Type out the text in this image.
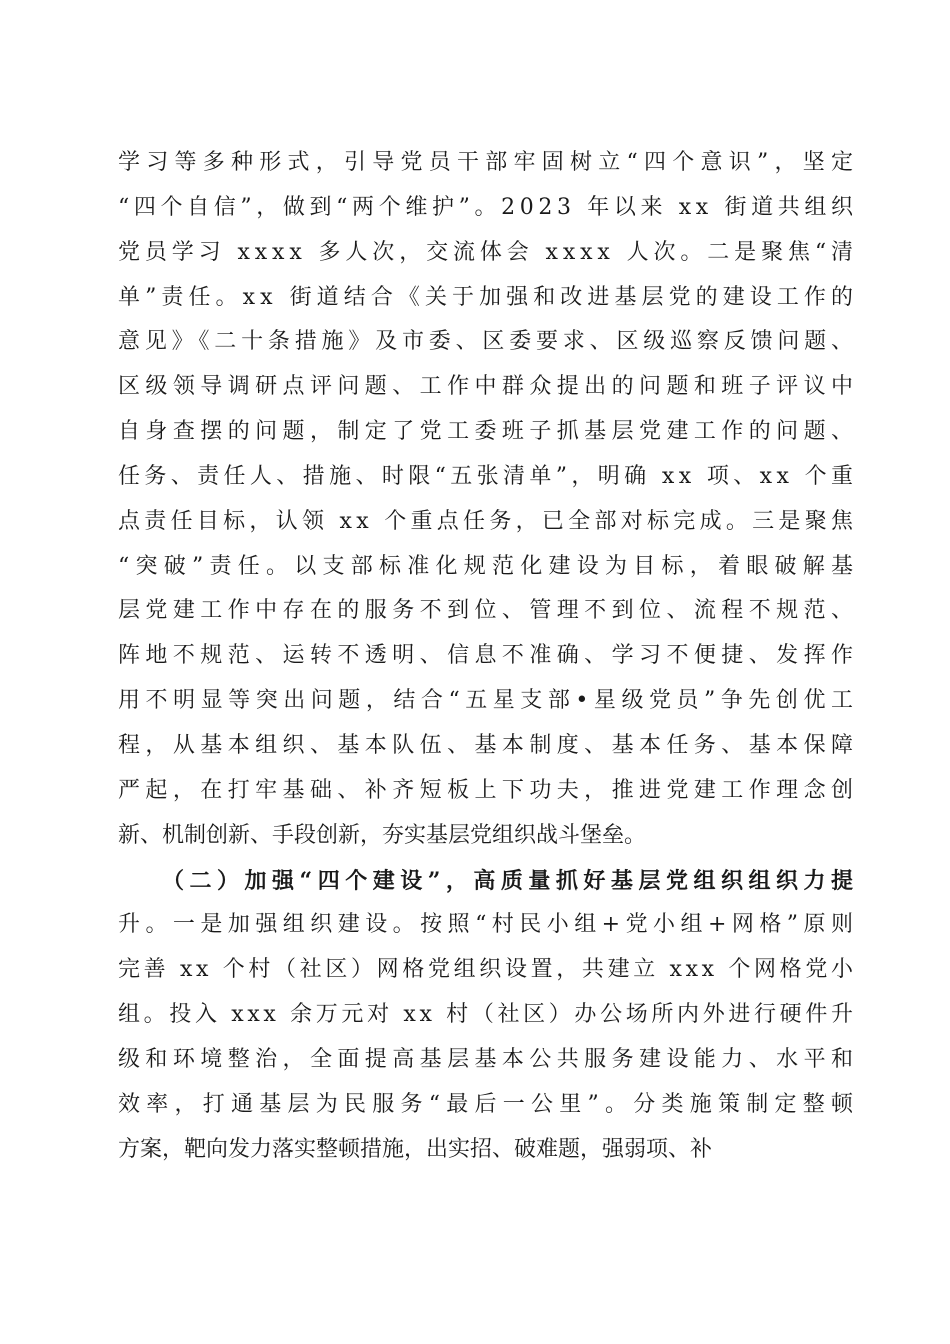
学习等多种形式，引导党员干部牢固树立“四个意识”，坚定
“四个自信”，做到“两个维护”。2023 年以来 xx 街道共组织
党员学习 xxxx 多人次，交流体会 xxxx 人次。二是聚焦“清
单”责任。xx 街道结合《关于加强和改进基层党的建设工作的
意见》《二十条措施》及市委、区委要求、区级巡察反馈问题、
区级领导调研点评问题、工作中群众提出的问题和班子评议中
自身查摆的问题，制定了党工委班子抓基层党建工作的问题、
任务、责任人、措施、时限“五张清单”，明确 xx 项、xx 个重
点责任目标，认领 xx 个重点任务，已全部对标完成。三是聚焦
“突破”责任。以支部标准化规范化建设为目标，着眼破解基
层党建工作中存在的服务不到位、管理不到位、流程不规范、
阵地不规范、运转不透明、信息不准确、学习不便捷、发挥作
用不明显等突出问题，结合“五星支部•星级党员”争先创优工
程，从基本组织、基本队伍、基本制度、基本任务、基本保障
严起，在打牢基础、补齐短板上下功夫，推进党建工作理念创
新、机制创新、手段创新，夯实基层党组织战斗堡垒。
（二）加强“四个建设”，高质量抓好基层党组织组织力提
升。一是加强组织建设。按照“村民小组+党小组+网格”原则
完善 xx 个村（社区）网格党组织设置，共建立 xxx 个网格党小
组。投入 xxx 余万元对 xx 村（社区）办公场所内外进行硬件升
级和环境整治，全面提高基层基本公共服务建设能力、水平和
效率，打通基层为民服务“最后一公里”。分类施策制定整顿
方案，靶向发力落实整顿措施，出实招、破难题，强弱项、补
